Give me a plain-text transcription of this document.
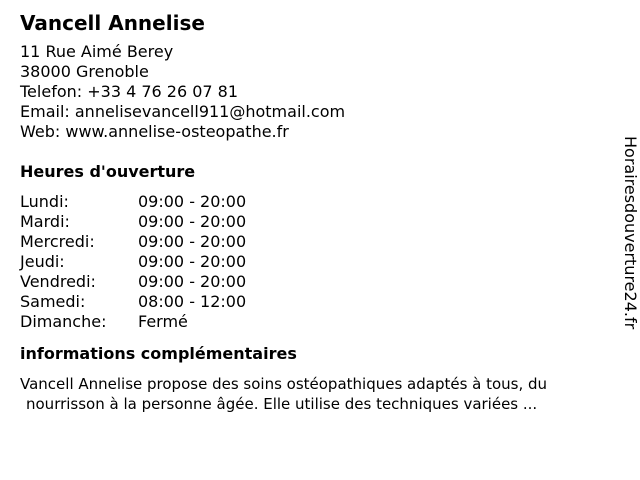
Vancell Annelise
11 Rue Aimé Berey
38000 Grenoble
Telefon: +33 4 76 26 07 81
Email: annelisevancell911@hotmail.com
Web: www.annelise-osteopathe.fr
Heures d'ouverture
Lundi:	09:00 - 20:00
Mardi:	09:00 - 20:00
Mercredi:	09:00 - 20:00
Jeudi:	09:00 - 20:00
Vendredi:	09:00 - 20:00
Samedi:	08:00 - 12:00
Dimanche:	Fermé
informations complémentaires
Vancell Annelise propose des soins ostéopathiques adaptés à tous, du
nourrisson à la personne âgée. Elle utilise des techniques variées ...
Horairesdouverture24.fr
